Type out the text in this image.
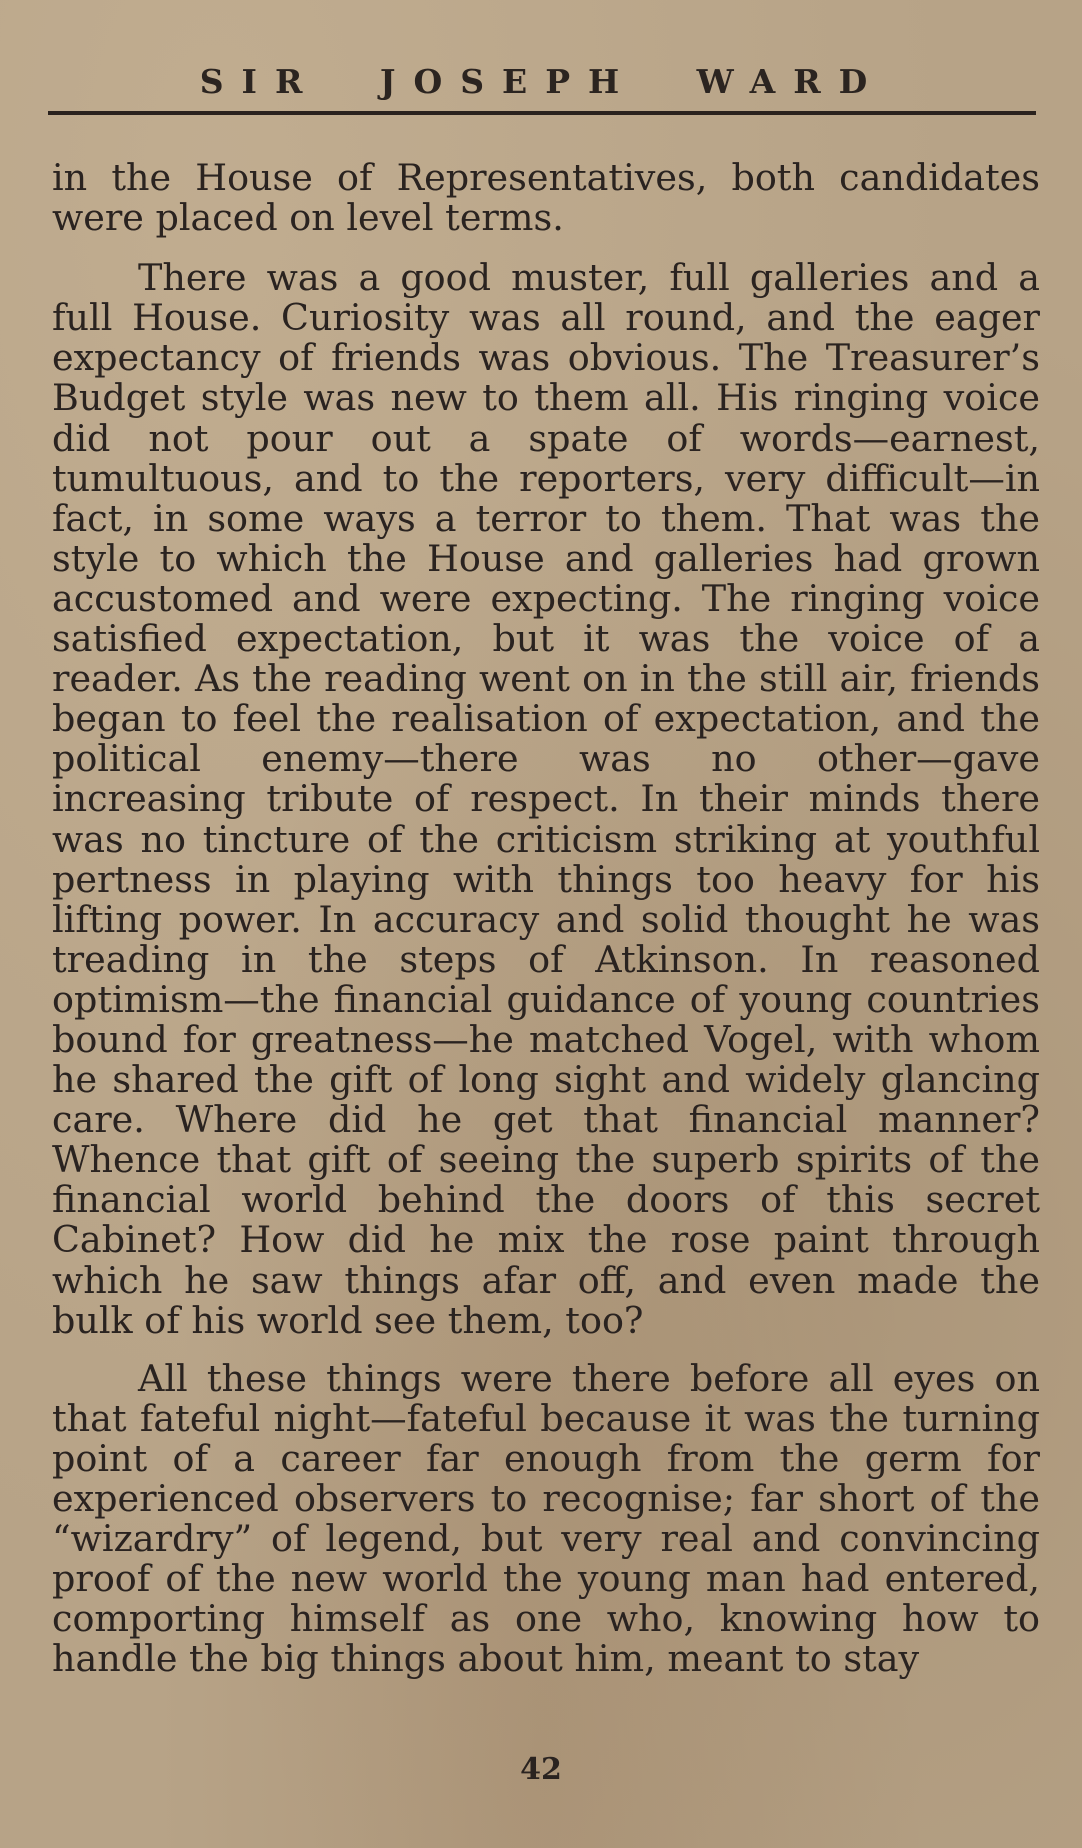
SIR JOSEPH WARD

in the House of Representatives, both candidates were placed on level terms.

There was a good muster, full galleries and a full House. Curiosity was all round, and the eager expectancy of friends was obvious. The Treasurer’s Budget style was new to them all. His ringing voice did not pour out a spate of words—earnest, tumultuous, and to the reporters, very difficult—in fact, in some ways a terror to them. That was the style to which the House and galleries had grown accustomed and were expecting. The ringing voice satisfied expectation, but it was the voice of a reader. As the reading went on in the still air, friends began to feel the realisation of expectation, and the political enemy—there was no other—gave increasing tribute of respect. In their minds there was no tincture of the criticism striking at youthful pertness in playing with things too heavy for his lifting power. In accuracy and solid thought he was treading in the steps of Atkinson. In reasoned optimism—the financial guidance of young countries bound for greatness—he matched Vogel, with whom he shared the gift of long sight and widely glancing care. Where did he get that financial manner? Whence that gift of seeing the superb spirits of the financial world behind the doors of this secret Cabinet? How did he mix the rose paint through which he saw things afar off, and even made the bulk of his world see them, too?

All these things were there before all eyes on that fateful night—fateful because it was the turning point of a career far enough from the germ for experienced observers to recognise; far short of the “wizardry” of legend, but very real and convincing proof of the new world the young man had entered, comporting himself as one who, knowing how to handle the big things about him, meant to stay

42
